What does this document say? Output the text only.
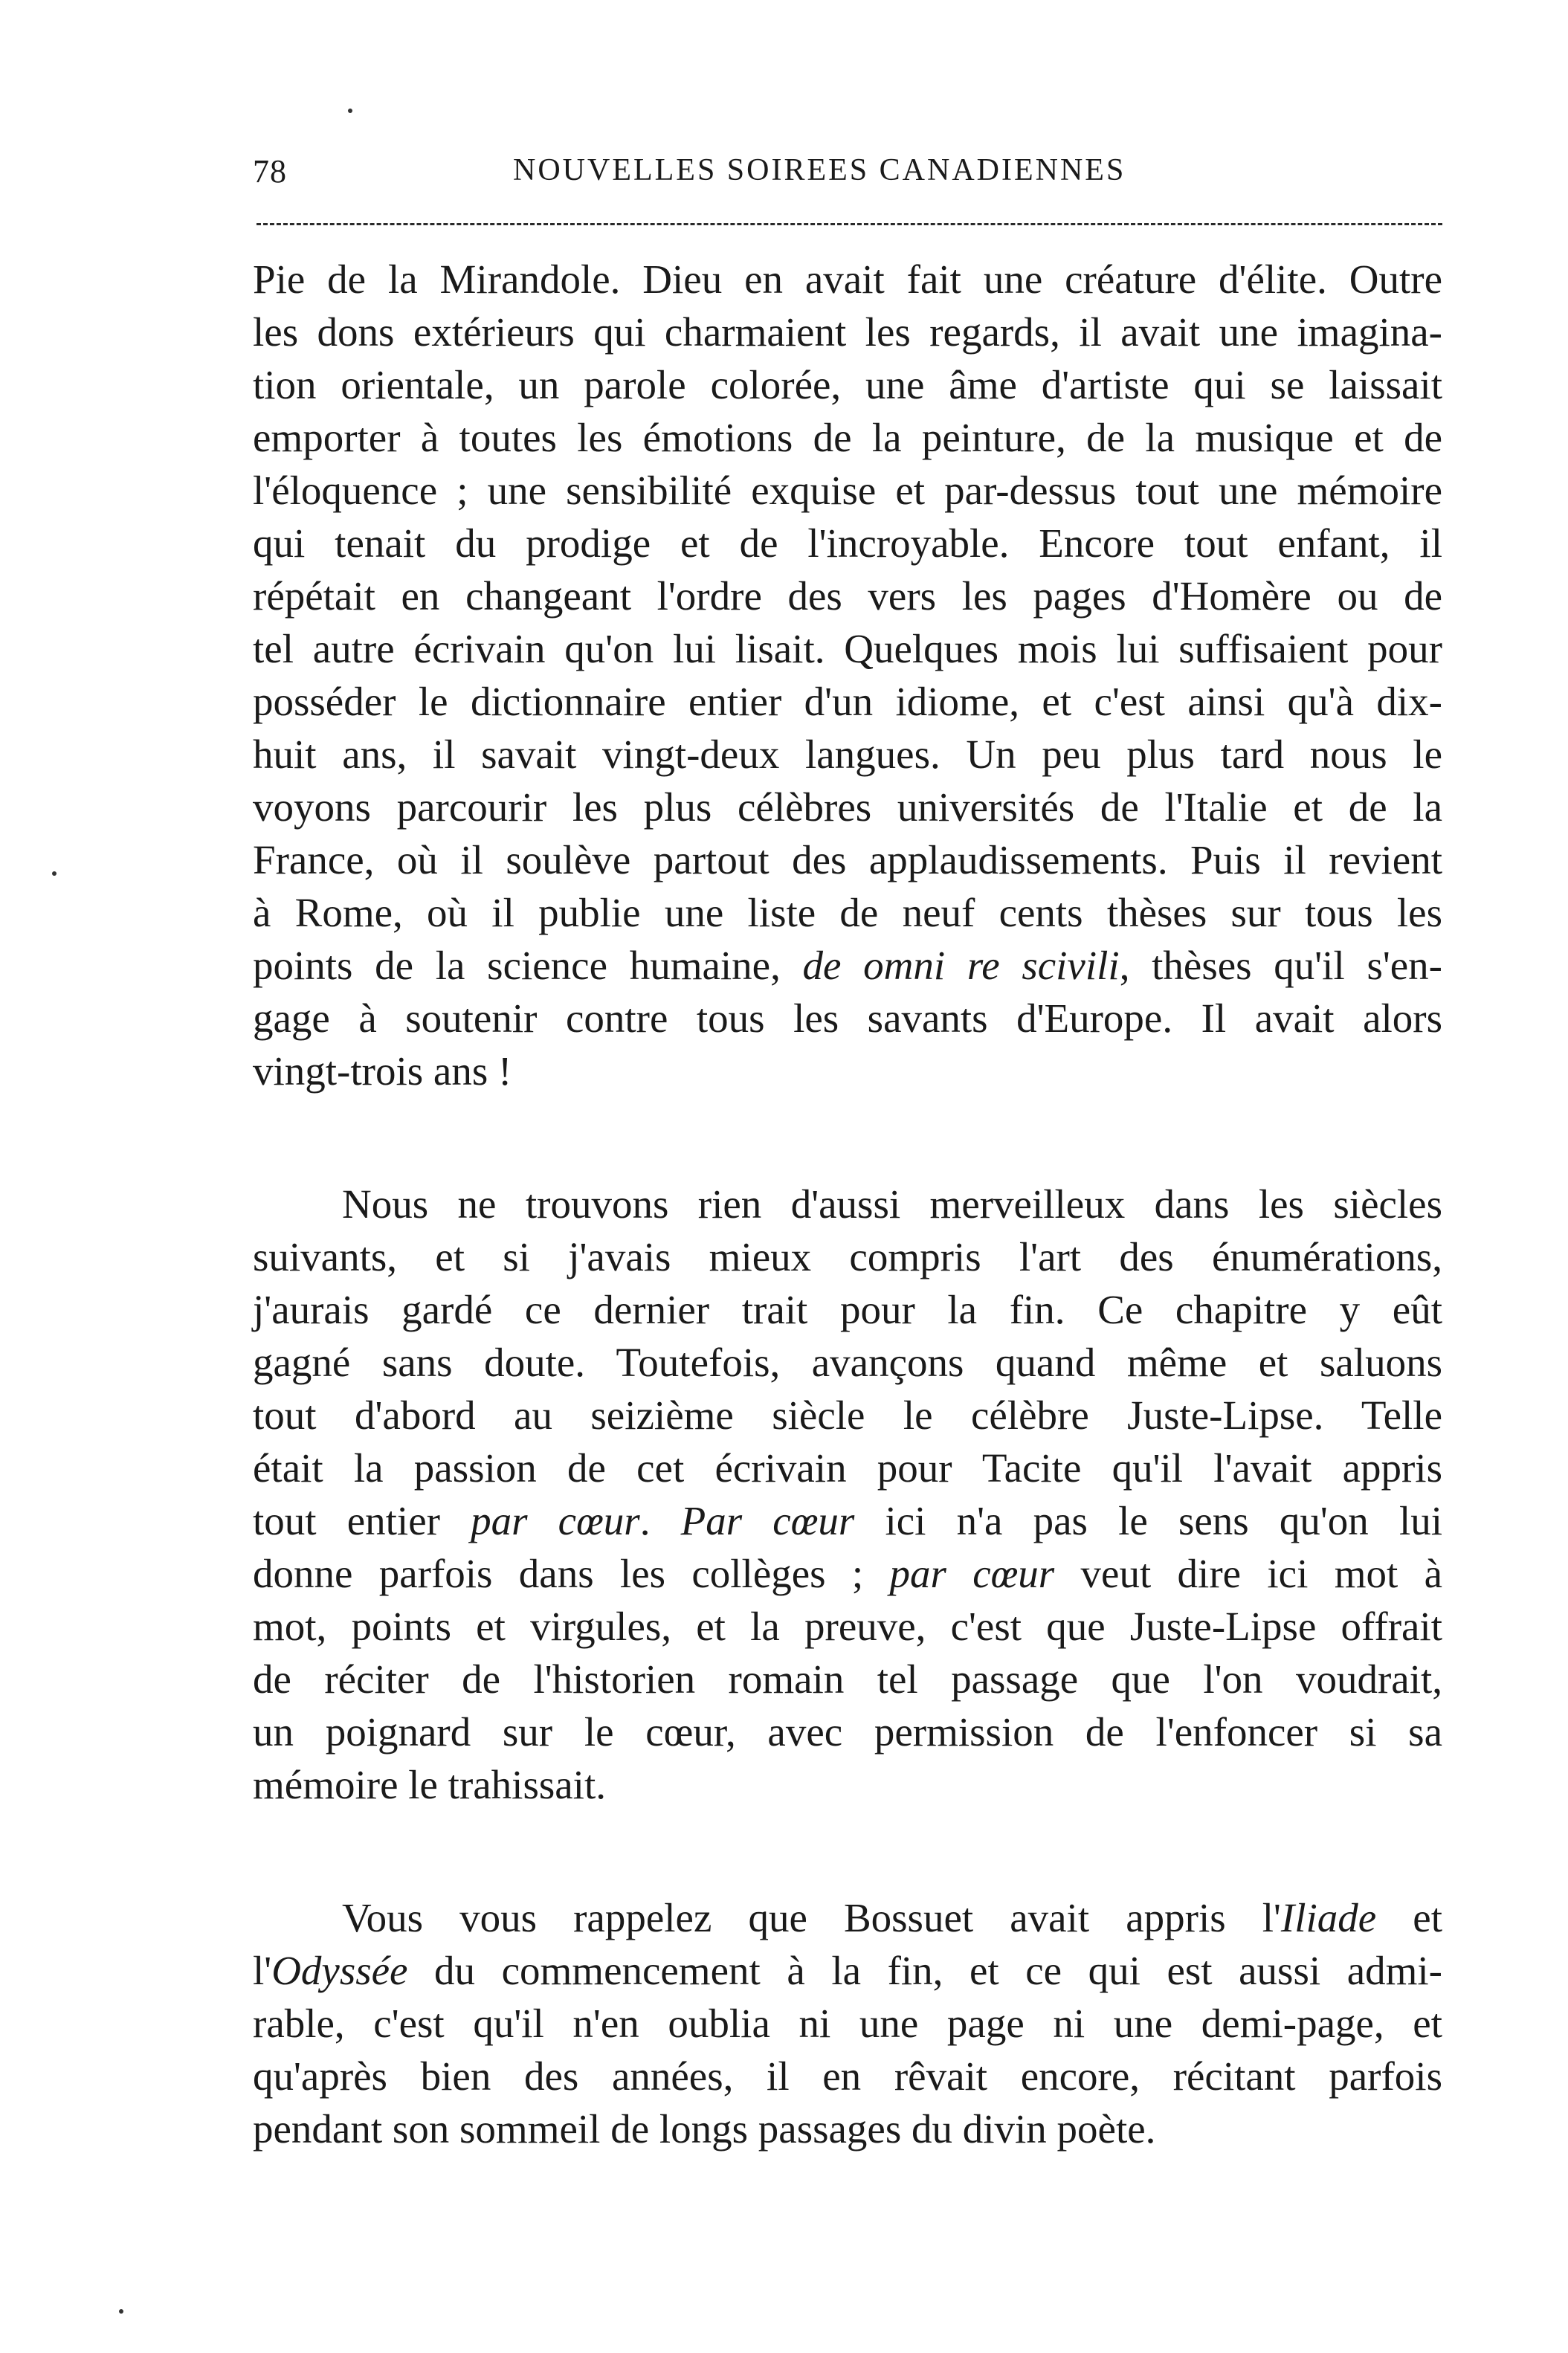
78	NOUVELLES SOIREES CANADIENNES

Pie de la Mirandole. Dieu en avait fait une créature d'élite. Outre
les dons extérieurs qui charmaient les regards, il avait une imagina-
tion orientale, un parole colorée, une âme d'artiste qui se laissait
emporter à toutes les émotions de la peinture, de la musique et de
l'éloquence ; une sensibilité exquise et par-dessus tout une mémoire
qui tenait du prodige et de l'incroyable. Encore tout enfant, il
répétait en changeant l'ordre des vers les pages d'Homère ou de
tel autre écrivain qu'on lui lisait. Quelques mois lui suffisaient pour
posséder le dictionnaire entier d'un idiome, et c'est ainsi qu'à dix-
huit ans, il savait vingt-deux langues. Un peu plus tard nous le
voyons parcourir les plus célèbres universités de l'Italie et de la
France, où il soulève partout des applaudissements. Puis il revient
à Rome, où il publie une liste de neuf cents thèses sur tous les
points de la science humaine, de omni re scivili, thèses qu'il s'en-
gage à soutenir contre tous les savants d'Europe. Il avait alors
vingt-trois ans !

Nous ne trouvons rien d'aussi merveilleux dans les siècles
suivants, et si j'avais mieux compris l'art des énumérations,
j'aurais gardé ce dernier trait pour la fin. Ce chapitre y eût
gagné sans doute. Toutefois, avançons quand même et saluons
tout d'abord au seizième siècle le célèbre Juste-Lipse. Telle
était la passion de cet écrivain pour Tacite qu'il l'avait appris
tout entier par cœur. Par cœur ici n'a pas le sens qu'on lui
donne parfois dans les collèges ; par cœur veut dire ici mot à
mot, points et virgules, et la preuve, c'est que Juste-Lipse offrait
de réciter de l'historien romain tel passage que l'on voudrait,
un poignard sur le cœur, avec permission de l'enfoncer si sa
mémoire le trahissait.

Vous vous rappelez que Bossuet avait appris l'Iliade et
l'Odyssée du commencement à la fin, et ce qui est aussi admi-
rable, c'est qu'il n'en oublia ni une page ni une demi-page, et
qu'après bien des années, il en rêvait encore, récitant parfois
pendant son sommeil de longs passages du divin poète.
